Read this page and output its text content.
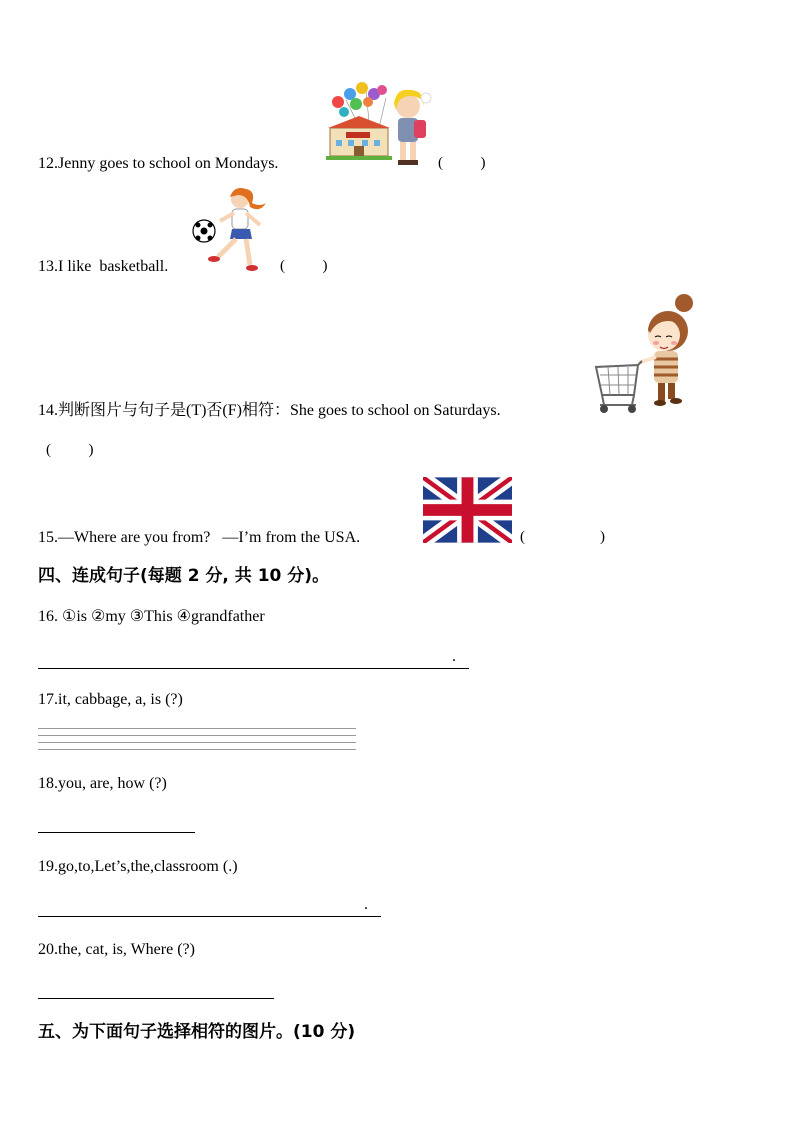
12.Jenny goes to school on Mondays.	(          )
13.I like  basketball.	(          )
14.判断图片与句子是(T)否(F)相符：She goes to school on Saturdays.
(          )
15.—Where are you from?   —I’m from the USA.	(                    )
四、连成句子(每题 2 分, 共 10 分)。
16. ①is ②my ③This ④grandfather
.
17.it, cabbage, a, is (?)
18.you, are, how (?)
19.go,to,Let’s,the,classroom (.)
.
20.the, cat, is, Where (?)
五、为下面句子选择相符的图片。(10 分)
